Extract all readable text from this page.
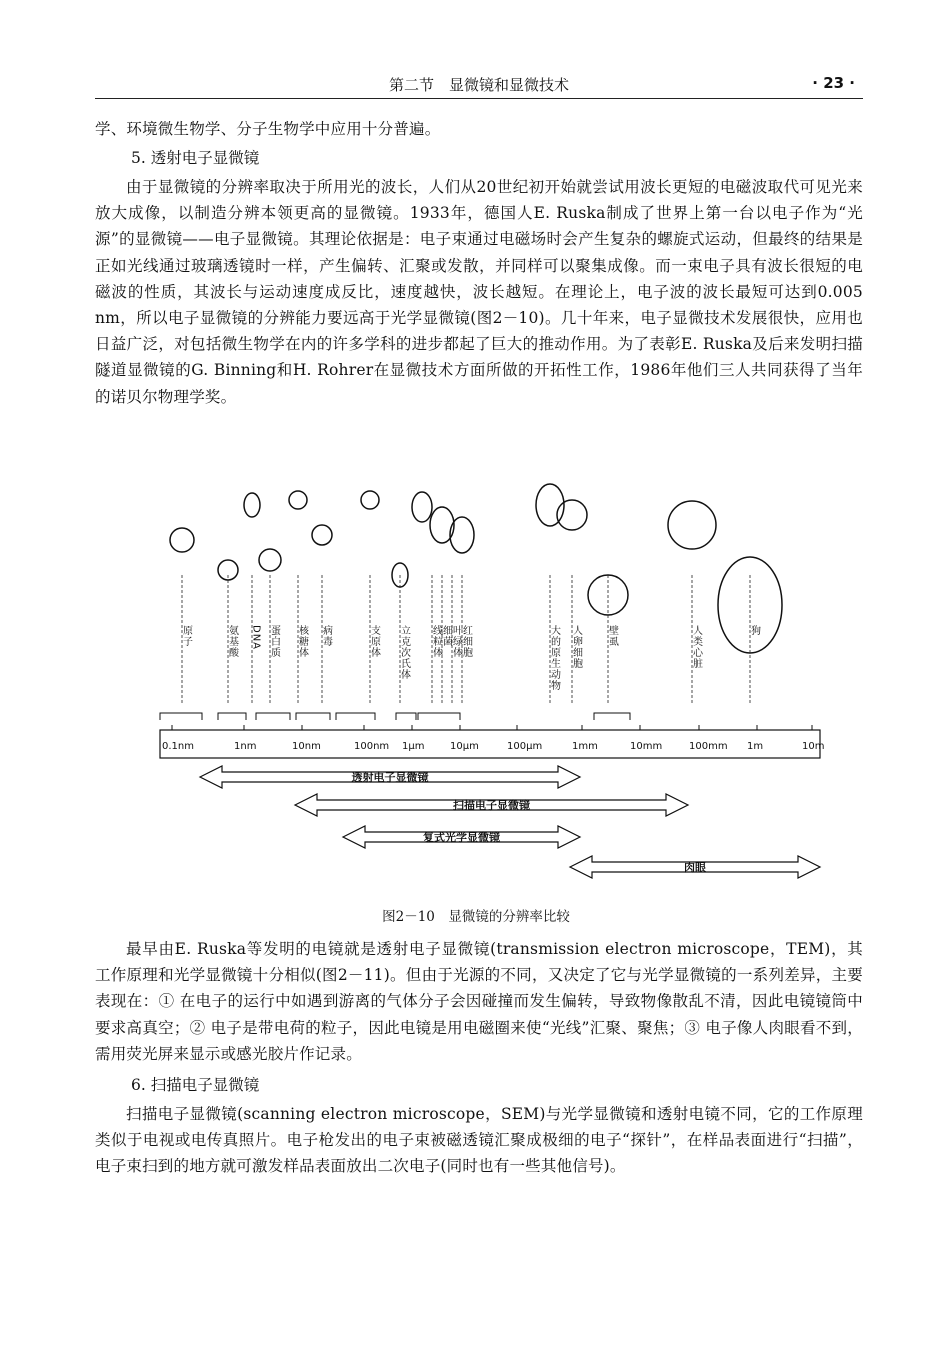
第二节　显微镜和显微技术	· 23 ·

学、环境微生物学、分子生物学中应用十分普遍。

5. 透射电子显微镜

由于显微镜的分辨率取决于所用光的波长，人们从20世纪初开始就尝试用波长更短的电磁波取代可见光来放大成像，以制造分辨本领更高的显微镜。1933年，德国人E. Ruska制成了世界上第一台以电子作为“光源”的显微镜——电子显微镜。其理论依据是：电子束通过电磁场时会产生复杂的螺旋式运动，但最终的结果是正如光线通过玻璃透镜时一样，产生偏转、汇聚或发散，并同样可以聚集成像。而一束电子具有波长很短的电磁波的性质，其波长与运动速度成反比，速度越快，波长越短。在理论上，电子波的波长最短可达到0.005 nm，所以电子显微镜的分辨能力要远高于光学显微镜(图2－10)。几十年来，电子显微技术发展很快，应用也日益广泛，对包括微生物学在内的许多学科的进步都起了巨大的推动作用。为了表彰E. Ruska及后来发明扫描隧道显微镜的G. Binning和H. Rohrer在显微技术方面所做的开拓性工作，1986年他们三人共同获得了当年的诺贝尔物理学奖。

原子	氨基酸 DNA 蛋白质 核糖体 病毒	支原体 立克次氏体 线粒体 细菌 叶绿体 红细胞	大的原生动物 人卵细胞	壁虱	人类心脏	狗
0.1nm	1nm	10nm	100nm 1μm	10μm	100μm	1mm	10mm	100mm 1m	10m
透射电子显微镜
扫描电子显微镜
复式光学显微镜
肉眼
图2－10　显微镜的分辨率比较

最早由E. Ruska等发明的电镜就是透射电子显微镜(transmission electron microscope，TEM)，其工作原理和光学显微镜十分相似(图2－11)。但由于光源的不同，又决定了它与光学显微镜的一系列差异，主要表现在：① 在电子的运行中如遇到游离的气体分子会因碰撞而发生偏转，导致物像散乱不清，因此电镜镜筒中要求高真空；② 电子是带电荷的粒子，因此电镜是用电磁圈来使“光线”汇聚、聚焦；③ 电子像人肉眼看不到，需用荧光屏来显示或感光胶片作记录。

6. 扫描电子显微镜

扫描电子显微镜(scanning electron microscope，SEM)与光学显微镜和透射电镜不同，它的工作原理类似于电视或电传真照片。电子枪发出的电子束被磁透镜汇聚成极细的电子“探针”，在样品表面进行“扫描”，电子束扫到的地方就可激发样品表面放出二次电子(同时也有一些其他信号)。
